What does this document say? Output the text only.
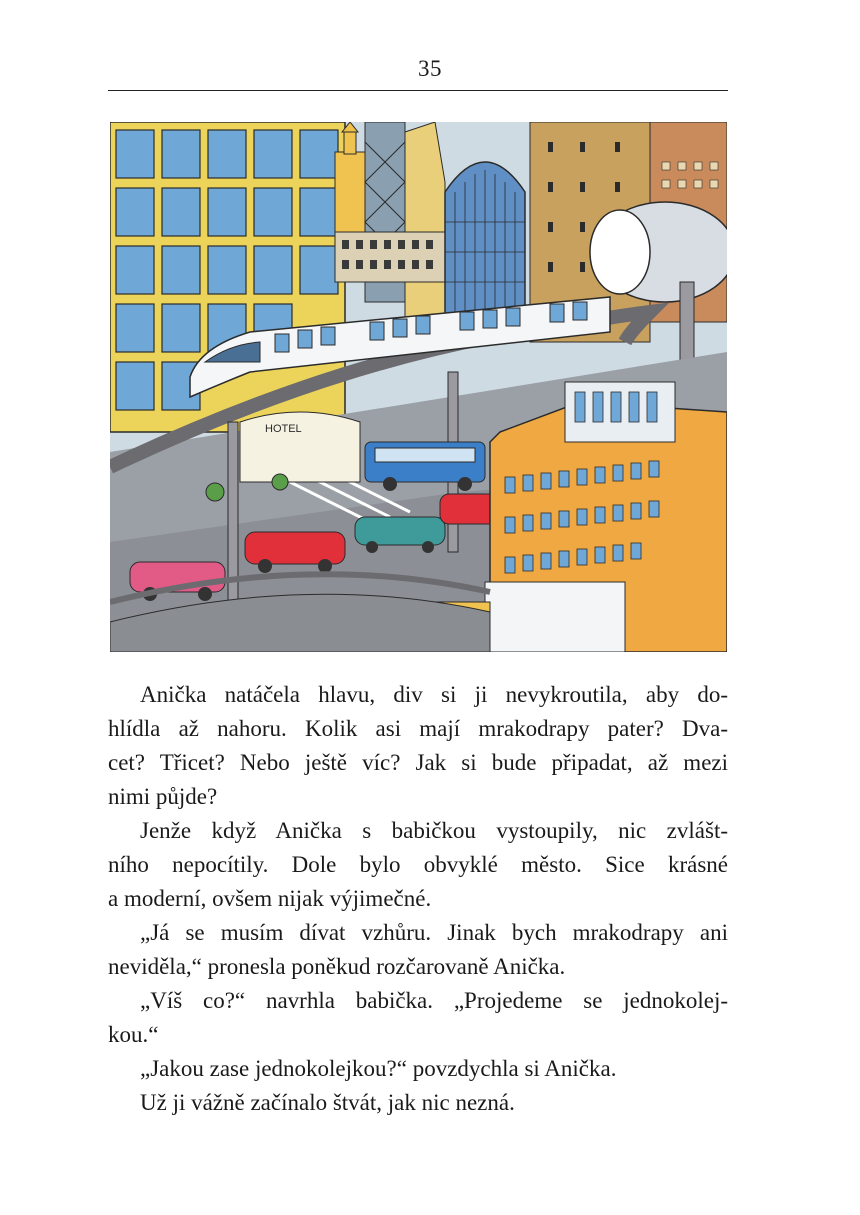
35
HOTEL
Anička natáčela hlavu, div si ji nevykroutila, aby do-
hlídla až nahoru. Kolik asi mají mrakodrapy pater? Dva-
cet? Třicet? Nebo ještě víc? Jak si bude připadat, až mezi
nimi půjde?
Jenže když Anička s babičkou vystoupily, nic zvlášt-
ního nepocítily. Dole bylo obvyklé město. Sice krásné
a moderní, ovšem nijak výjimečné.
„Já se musím dívat vzhůru. Jinak bych mrakodrapy ani
neviděla,“ pronesla poněkud rozčarovaně Anička.
„Víš co?“ navrhla babička. „Projedeme se jednokolej-
kou.“
„Jakou zase jednokolejkou?“ povzdychla si Anička.
Už ji vážně začínalo štvát, jak nic nezná.
